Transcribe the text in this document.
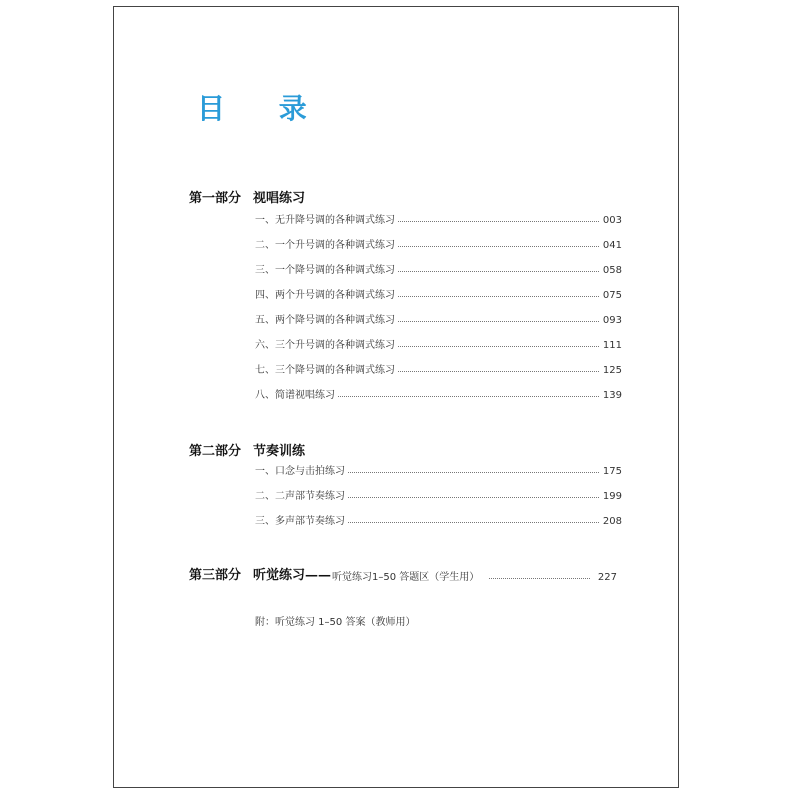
目 录
第一部分 视唱练习
一、无升降号调的各种调式练习	003
二、一个升号调的各种调式练习	041
三、一个降号调的各种调式练习	058
四、两个升号调的各种调式练习	075
五、两个降号调的各种调式练习	093
六、三个升号调的各种调式练习	111
七、三个降号调的各种调式练习	125
八、简谱视唱练习	139
第二部分 节奏训练
一、口念与击拍练习	175
二、二声部节奏练习	199
三、多声部节奏练习	208
第三部分 听觉练习—— 听觉练习1–50 答题区（学生用）	227
附：听觉练习 1–50 答案（教师用）
